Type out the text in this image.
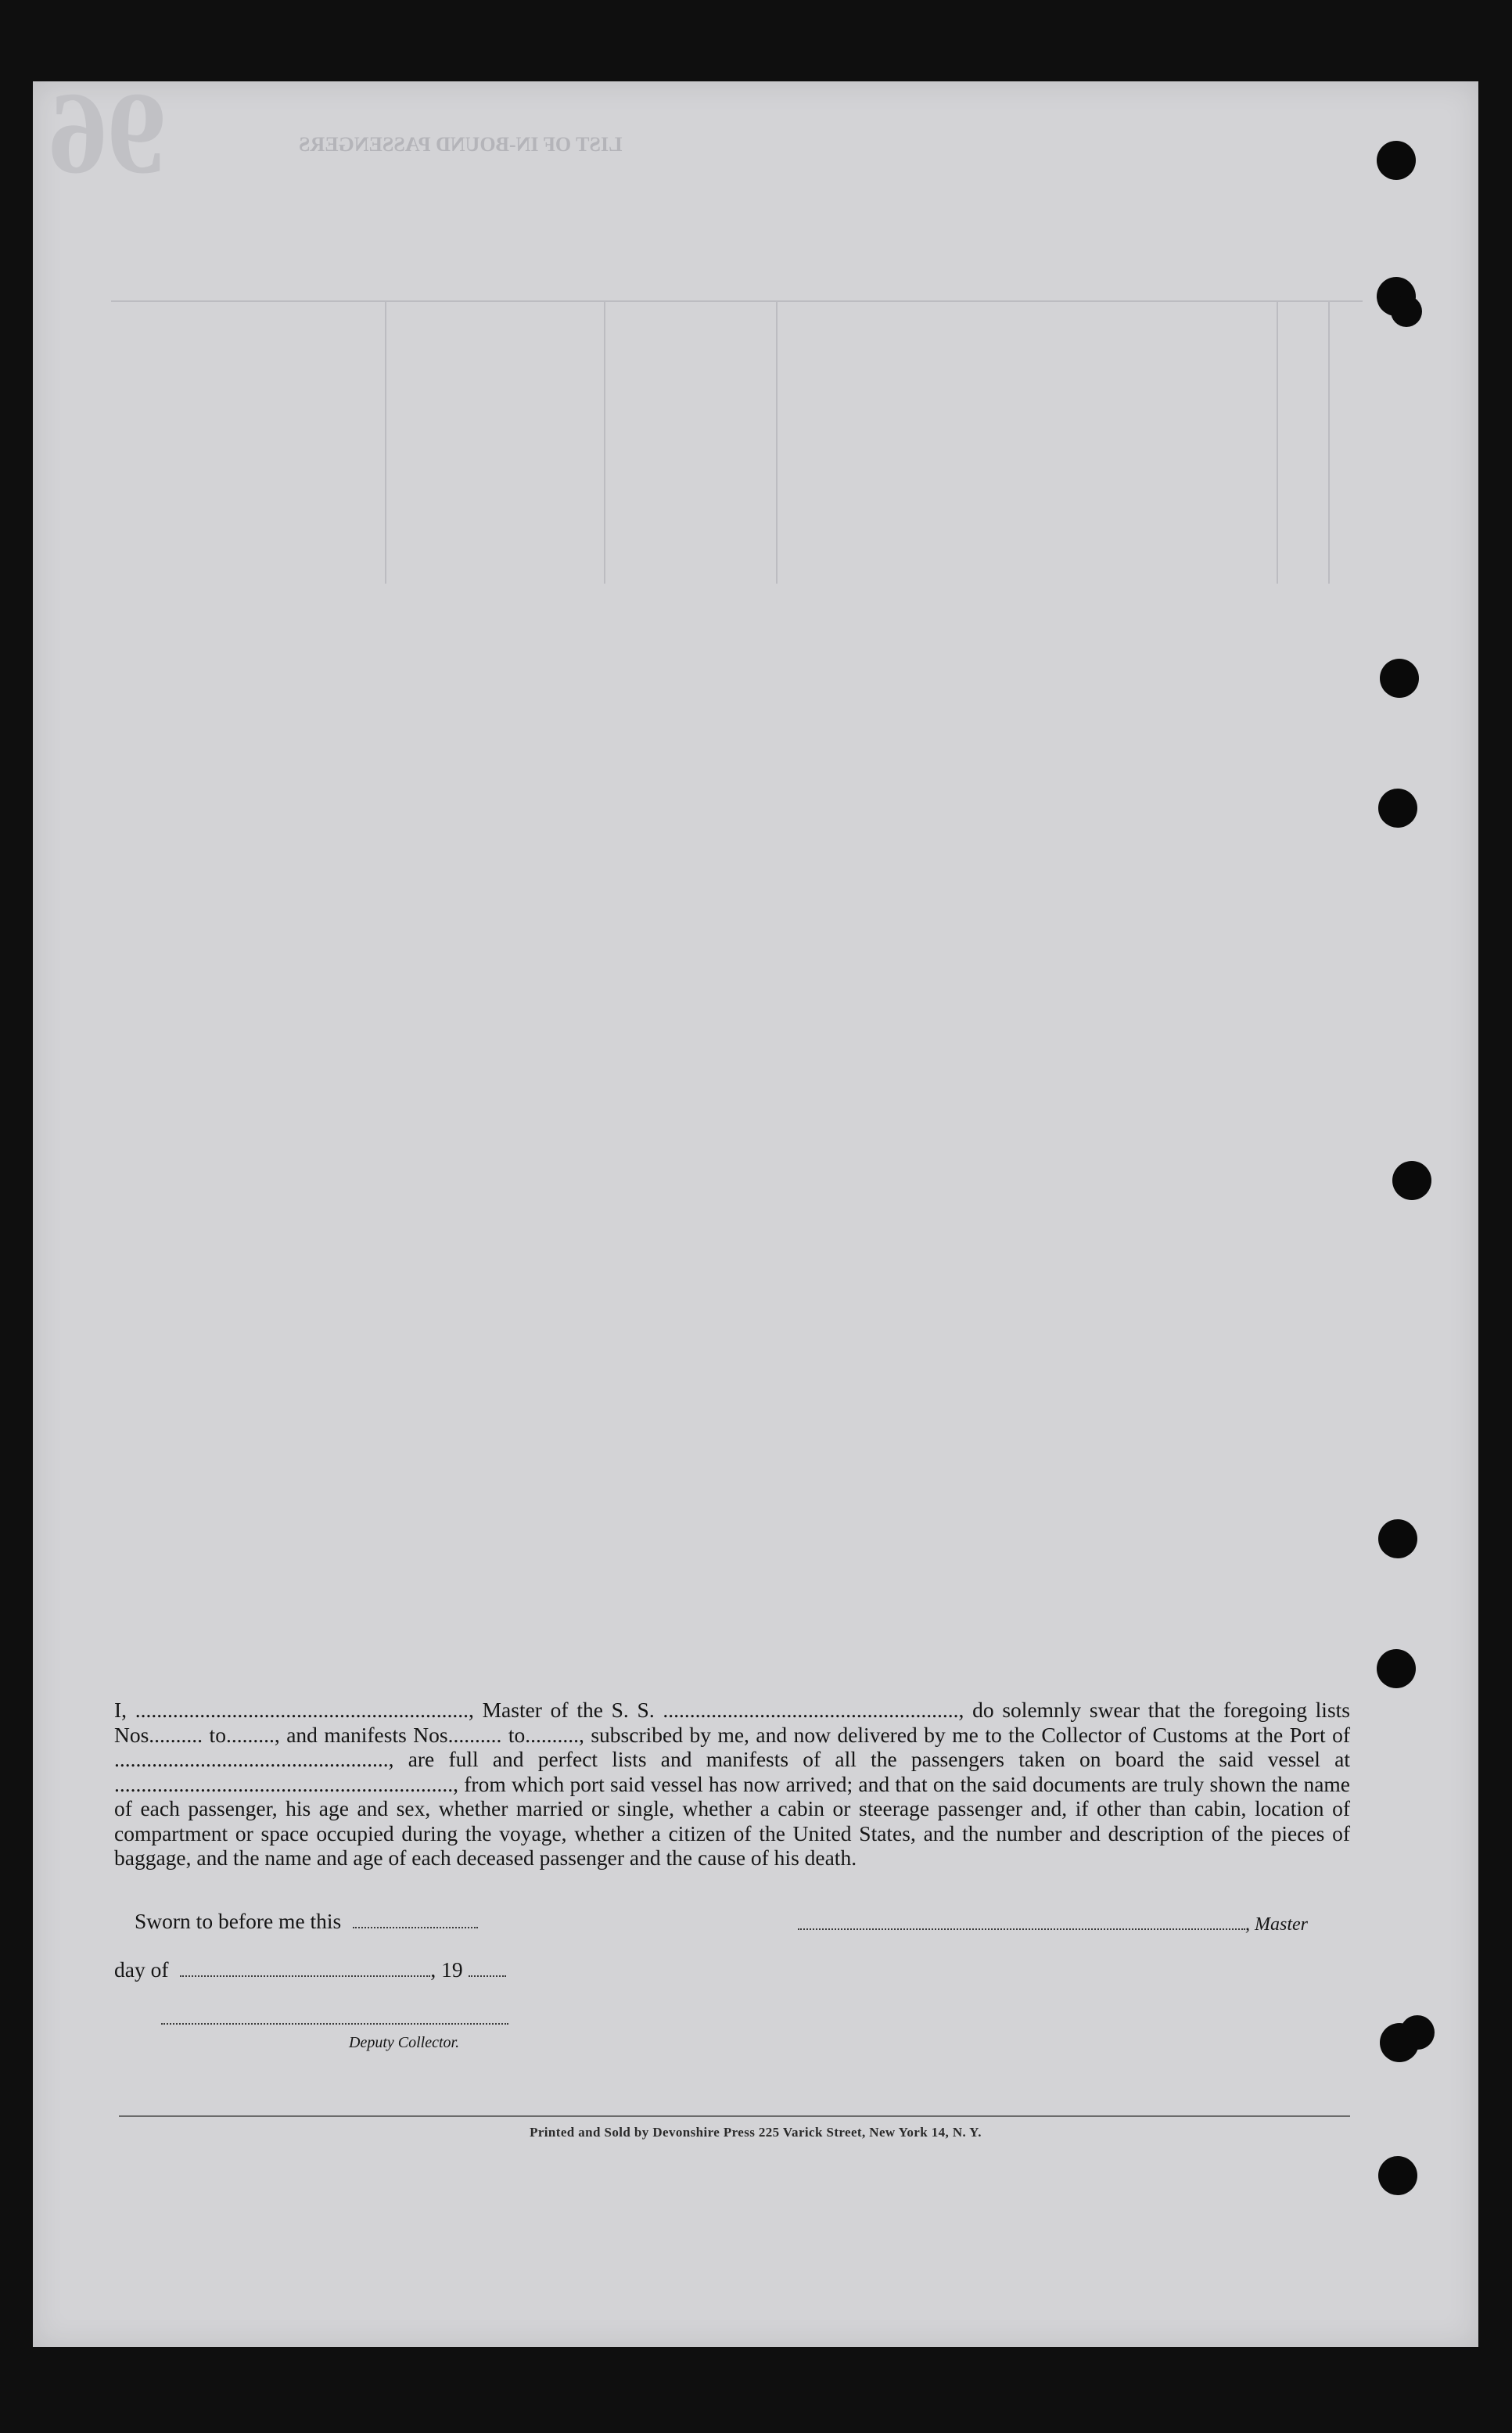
96	LIST OF IN-BOUND PASSENGERS

I, .............................................................., Master of the S. S. ......................................................., do solemnly swear that the foregoing lists Nos.......... to........., and manifests Nos.......... to.........., subscribed by me, and now delivered by me to the Collector of Customs at the Port of ..................................................., are full and perfect lists and manifests of all the passengers taken on board the said vessel at ..............................................................., from which port said vessel has now arrived; and that on the said documents are truly shown the name of each passenger, his age and sex, whether married or single, whether a cabin or steerage passenger and, if other than cabin, location of compartment or space occupied during the voyage, whether a citizen of the United States, and the number and description of the pieces of baggage, and the name and age of each deceased passenger and the cause of his death.

Sworn to before me this	, Master
day of	, 19
Deputy Collector.
Printed and Sold by Devonshire Press 225 Varick Street, New York 14, N. Y.
